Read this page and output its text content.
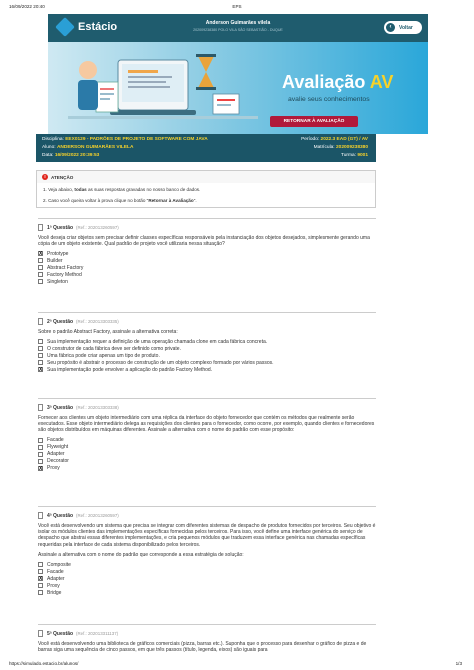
16/09/2022 20:40	EPS
Estácio	Anderson Guimarães vilela
202009238380 POLO VILA SÃO SEBASTIÃO - DUQUE	‹	Voltar
Avaliação AV
avalie seus conhecimentos
RETORNAR À AVALIAÇÃO
Disciplina: EEX0129 - PADRÕES DE PROJETO DE SOFTWARE COM JAVA	Período: 2022.3 EAD (GT) / AV
Aluno: ANDERSON GUIMARÃES VILELA	Matrícula: 202009238380
Data: 16/09/2022 20:39:53	Turma: 9001
!	ATENÇÃO
1. Veja abaixo, todas as suas respostas gravadas no nosso banco de dados.
2. Caso você queira voltar à prova clique no botão "Retornar à Avaliação".
1ª Questão (Ref.: 202013260597)
Você deseja criar objetos sem precisar definir classes específicas responsáveis pela instanciação dos objetos desejados, simplesmente gerando uma cópia de um objeto existente. Qual padrão de projeto você utilizaria nessa situação?
X Prototype
Builder
Abstract Factory
Factory Method
Singleton
2ª Questão (Ref.: 202013303335)
Sobre o padrão Abstract Factory, assinale a alternativa correta:
Sua implementação requer a definição de uma operação chamada clone em cada fábrica concreta.
O construtor de cada fábrica deve ser definido como private.
Uma fábrica pode criar apenas um tipo de produto.
Seu propósito é abstrair o processo de construção de um objeto complexo formado por vários passos.
X Sua implementação pode envolver a aplicação do padrão Factory Method.
3ª Questão (Ref.: 202013303338)
Fornecer aos clientes um objeto intermediário com uma réplica da interface do objeto fornecedor que contém os métodos que realmente serão executados. Esse objeto intermediário delega as requisições dos clientes para o fornecedor, como ocorre, por exemplo, quando clientes e fornecedores são objetos distribuídos em máquinas diferentes. Assinale a alternativa com o nome do padrão com esse propósito:
Facade
Flyweight
Adapter
Decorator
X Proxy
4ª Questão (Ref.: 202013260597)
Você está desenvolvendo um sistema que precisa se integrar com diferentes sistemas de despacho de produtos fornecidos por terceiros. Seu objetivo é isolar os módulos clientes das implementações específicas fornecidas pelos terceiros. Para isso, você define uma interface genérica do serviço de despacho que abstrai essas diferentes implementações, e cria pequenos módulos que traduzem essa interface genérica nas chamadas específicas requeridas pela interface de cada sistema disponibilizado pelos terceiros.
Assinale a alternativa com o nome do padrão que corresponde a essa estratégia de solução:
Composite
Facade
X Adapter
Proxy
Bridge
5ª Questão (Ref.: 202013311137)
Você está desenvolvendo uma biblioteca de gráficos comerciais (pizza, barras etc.). Suponha que o processo para desenhar o gráfico de pizza e de barras siga uma sequência de cinco passos, em que três passos (título, legenda, eixos) são iguais para
https://simulado.estacio.br/alunos/	1/3
